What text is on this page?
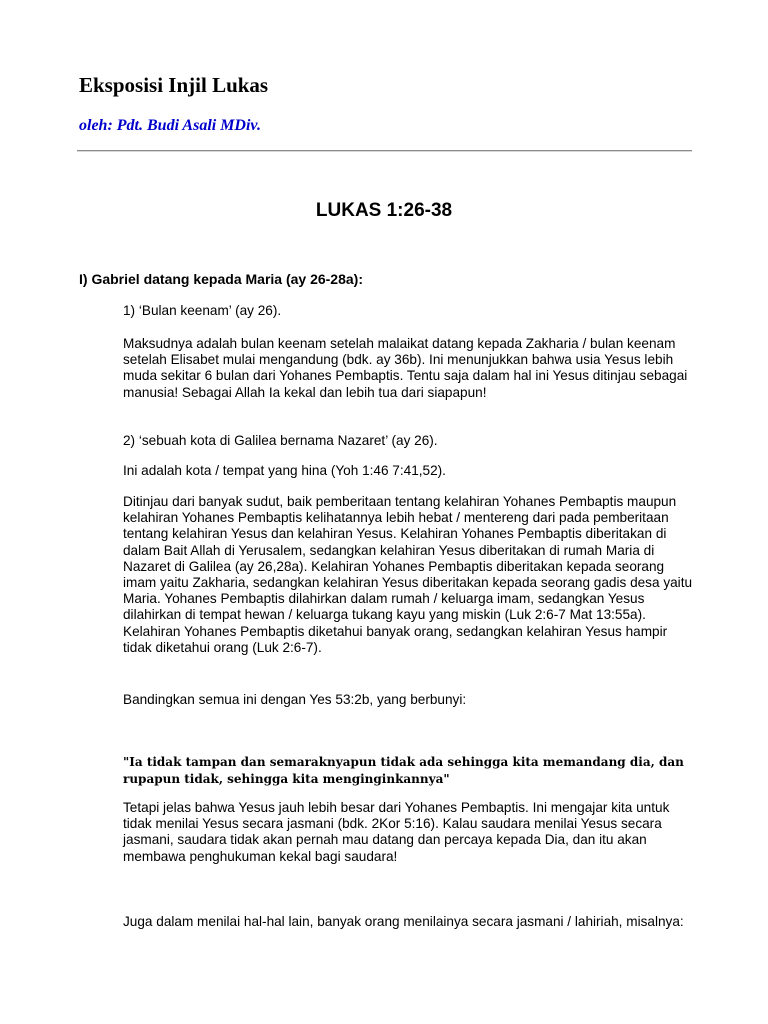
Eksposisi Injil Lukas

oleh: Pdt. Budi Asali MDiv.

LUKAS 1:26-38
I) Gabriel datang kepada Maria (ay 26-28a):

1) ‘Bulan keenam’ (ay 26).

Maksudnya adalah bulan keenam setelah malaikat datang kepada Zakharia / bulan keenam setelah Elisabet mulai mengandung (bdk. ay 36b). Ini menunjukkan bahwa usia Yesus lebih muda sekitar 6 bulan dari Yohanes Pembaptis. Tentu saja dalam hal ini Yesus ditinjau sebagai manusia! Sebagai Allah Ia kekal dan lebih tua dari siapapun!

2) ‘sebuah kota di Galilea bernama Nazaret’ (ay 26).

Ini adalah kota / tempat yang hina (Yoh 1:46 7:41,52).

Ditinjau dari banyak sudut, baik pemberitaan tentang kelahiran Yohanes Pembaptis maupun kelahiran Yohanes Pembaptis kelihatannya lebih hebat / mentereng dari pada pemberitaan tentang kelahiran Yesus dan kelahiran Yesus. Kelahiran Yohanes Pembaptis diberitakan di dalam Bait Allah di Yerusalem, sedangkan kelahiran Yesus diberitakan di rumah Maria di Nazaret di Galilea (ay 26,28a). Kelahiran Yohanes Pembaptis diberitakan kepada seorang imam yaitu Zakharia, sedangkan kelahiran Yesus diberitakan kepada seorang gadis desa yaitu Maria. Yohanes Pembaptis dilahirkan dalam rumah / keluarga imam, sedangkan Yesus dilahirkan di tempat hewan / keluarga tukang kayu yang miskin (Luk 2:6-7 Mat 13:55a). Kelahiran Yohanes Pembaptis diketahui banyak orang, sedangkan kelahiran Yesus hampir tidak diketahui orang (Luk 2:6-7).

Bandingkan semua ini dengan Yes 53:2b, yang berbunyi:

"Ia tidak tampan dan semaraknyapun tidak ada sehingga kita memandang dia, dan rupapun tidak, sehingga kita menginginkannya"

Tetapi jelas bahwa Yesus jauh lebih besar dari Yohanes Pembaptis. Ini mengajar kita untuk tidak menilai Yesus secara jasmani (bdk. 2Kor 5:16). Kalau saudara menilai Yesus secara jasmani, saudara tidak akan pernah mau datang dan percaya kepada Dia, dan itu akan membawa penghukuman kekal bagi saudara!

Juga dalam menilai hal-hal lain, banyak orang menilainya secara jasmani / lahiriah, misalnya:
